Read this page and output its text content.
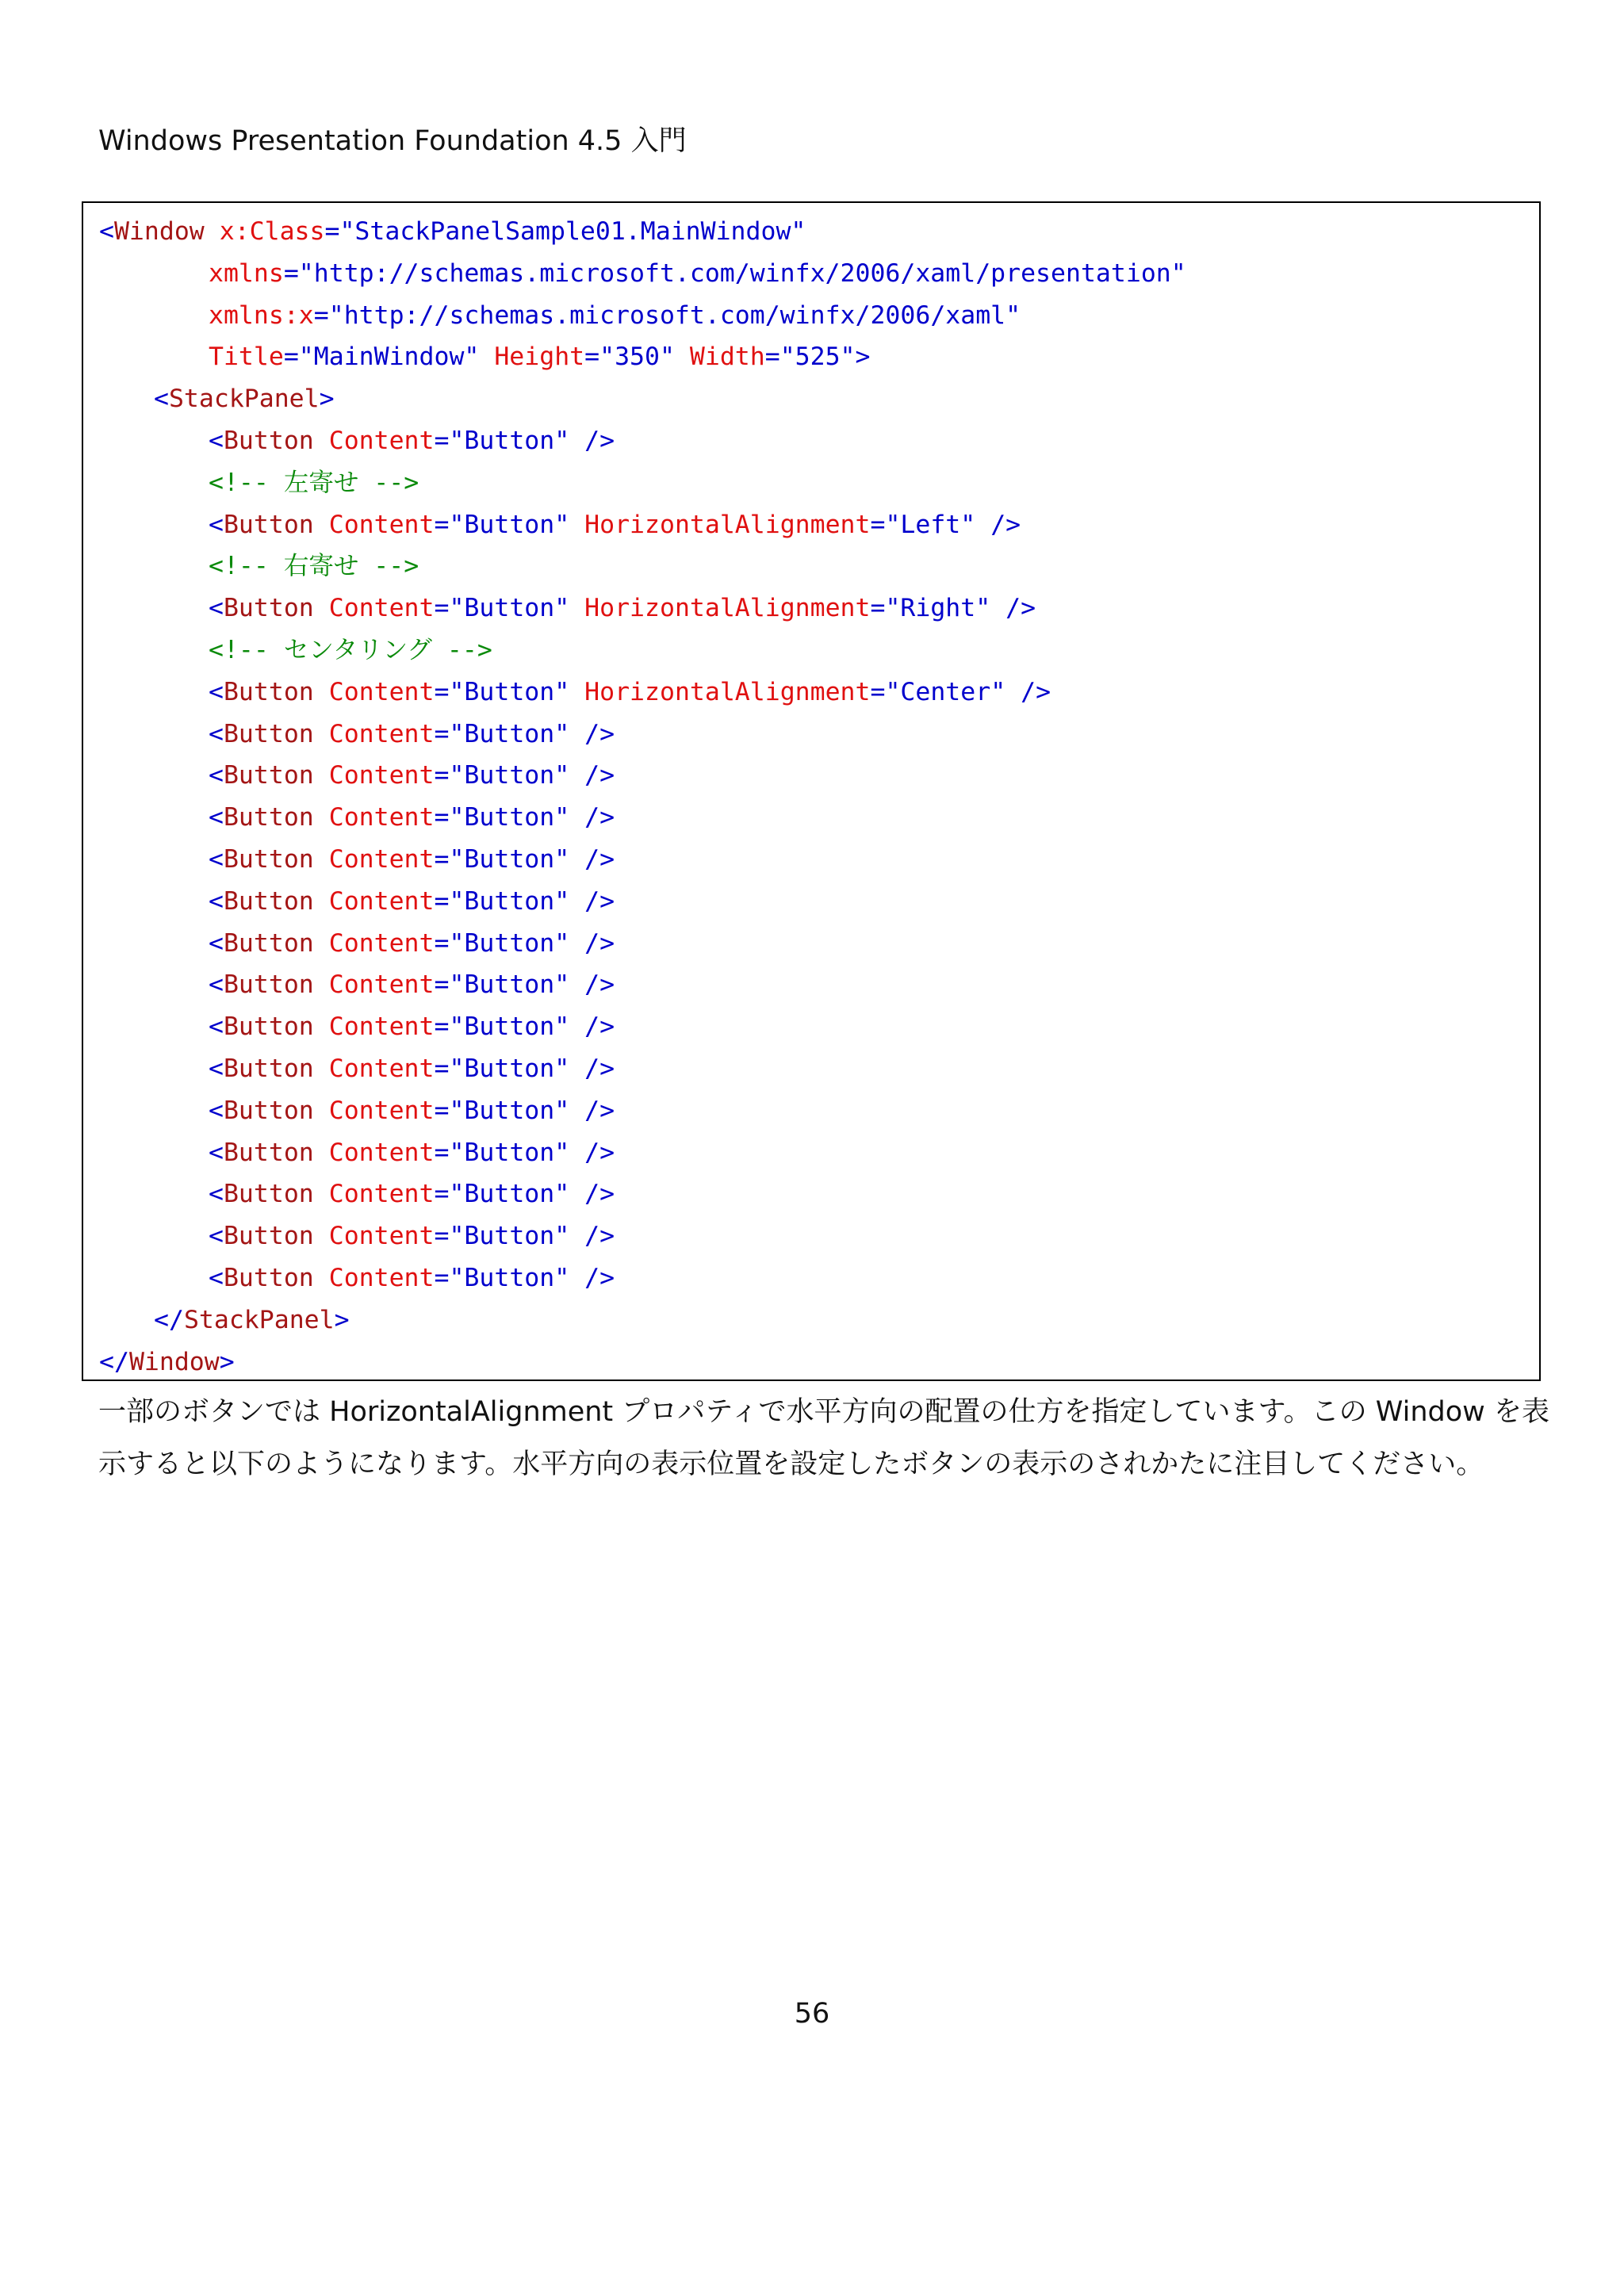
Windows Presentation Foundation 4.5 入門
<Window x:Class="StackPanelSample01.MainWindow"
xmlns="http://schemas.microsoft.com/winfx/2006/xaml/presentation"
xmlns:x="http://schemas.microsoft.com/winfx/2006/xaml"
Title="MainWindow" Height="350" Width="525">
<StackPanel>
<Button Content="Button" />
<!-- 左寄せ -->
<Button Content="Button" HorizontalAlignment="Left" />
<!-- 右寄せ -->
<Button Content="Button" HorizontalAlignment="Right" />
<!-- センタリング -->
<Button Content="Button" HorizontalAlignment="Center" />
<Button Content="Button" />
<Button Content="Button" />
<Button Content="Button" />
<Button Content="Button" />
<Button Content="Button" />
<Button Content="Button" />
<Button Content="Button" />
<Button Content="Button" />
<Button Content="Button" />
<Button Content="Button" />
<Button Content="Button" />
<Button Content="Button" />
<Button Content="Button" />
<Button Content="Button" />
</StackPanel>
</Window>
一部のボタンでは HorizontalAlignment プロパティで水平方向の配置の仕方を指定しています。この Window を表
示すると以下のようになります。水平方向の表示位置を設定したボタンの表示のされかたに注目してください。
56
